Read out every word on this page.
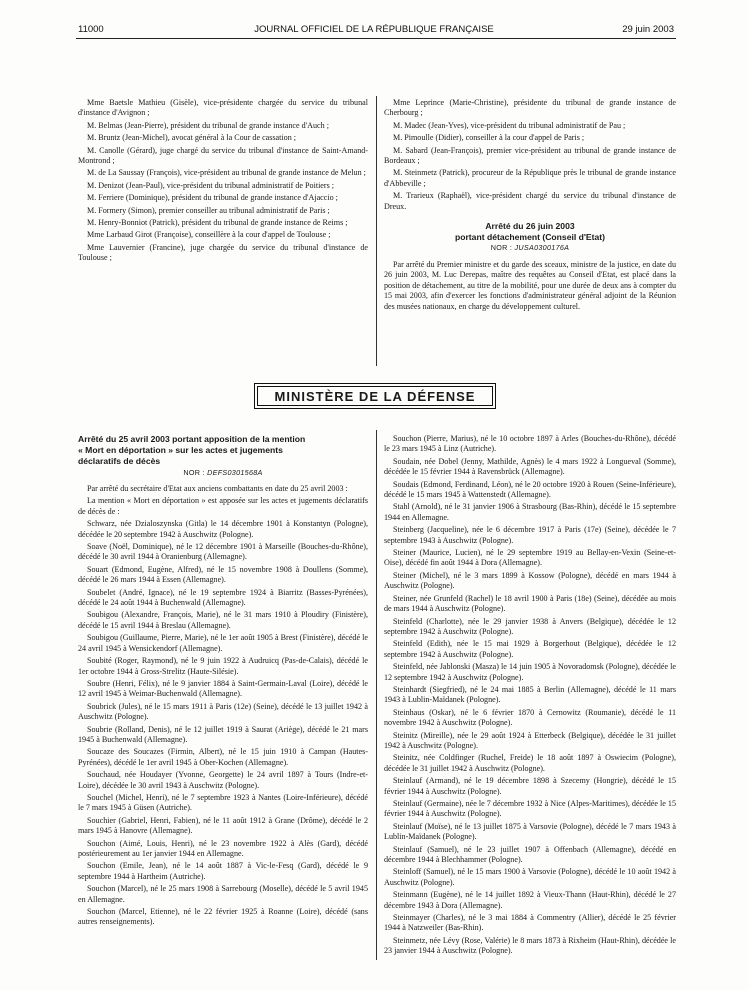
11000	JOURNAL OFFICIEL DE LA RÉPUBLIQUE FRANÇAISE	29 juin 2003

Mme Baetsle Mathieu (Gisèle), vice-présidente chargée du service du tribunal d'instance d'Avignon ;

M. Belmas (Jean-Pierre), président du tribunal de grande instance d'Auch ;

M. Bruntz (Jean-Michel), avocat général à la Cour de cassation ;

M. Canolle (Gérard), juge chargé du service du tribunal d'instance de Saint-Amand-Montrond ;

M. de La Saussay (François), vice-président au tribunal de grande instance de Melun ;

M. Denizot (Jean-Paul), vice-président du tribunal administratif de Poitiers ;

M. Ferriere (Dominique), président du tribunal de grande instance d'Ajaccio ;

M. Formery (Simon), premier conseiller au tribunal administratif de Paris ;

M. Henry-Bonniot (Patrick), président du tribunal de grande instance de Reims ;

Mme Larbaud Girot (Françoise), conseillère à la cour d'appel de Toulouse ;

Mme Lauvernier (Francine), juge chargée du service du tribunal d'instance de Toulouse ;

Mme Leprince (Marie-Christine), présidente du tribunal de grande instance de Cherbourg ;

M. Madec (Jean-Yves), vice-président du tribunal administratif de Pau ;

M. Pimoulle (Didier), conseiller à la cour d'appel de Paris ;

M. Sabard (Jean-François), premier vice-président au tribunal de grande instance de Bordeaux ;

M. Steinmetz (Patrick), procureur de la République près le tribunal de grande instance d'Abbeville ;

M. Trarieux (Raphaël), vice-président chargé du service du tribunal d'instance de Dreux.

Arrêté du 26 juin 2003
portant détachement (Conseil d'Etat)
NOR : JUSA0300176A

Par arrêté du Premier ministre et du garde des sceaux, ministre de la justice, en date du 26 juin 2003, M. Luc Derepas, maître des requêtes au Conseil d'Etat, est placé dans la position de détachement, au titre de la mobilité, pour une durée de deux ans à compter du 15 mai 2003, afin d'exercer les fonctions d'administrateur général adjoint de la Réunion des musées nationaux, en charge du développement culturel.

MINISTÈRE DE LA DÉFENSE
Arrêté du 25 avril 2003 portant apposition de la mention
« Mort en déportation » sur les actes et jugements
déclaratifs de décès
NOR : DEFS0301568A

Par arrêté du secrétaire d'Etat aux anciens combattants en date du 25 avril 2003 :

La mention « Mort en déportation » est apposée sur les actes et jugements déclaratifs de décès de :

Schwarz, née Dzialoszynska (Gitla) le 14 décembre 1901 à Konstantyn (Pologne), décédée le 20 septembre 1942 à Auschwitz (Pologne).

Soave (Noël, Dominique), né le 12 décembre 1901 à Marseille (Bouches-du-Rhône), décédé le 30 avril 1944 à Oranienburg (Allemagne).

Souart (Edmond, Eugène, Alfred), né le 15 novembre 1908 à Doullens (Somme), décédé le 26 mars 1944 à Essen (Allemagne).

Soubelet (André, Ignace), né le 19 septembre 1924 à Biarritz (Basses-Pyrénées), décédé le 24 août 1944 à Buchenwald (Allemagne).

Soubigou (Alexandre, François, Marie), né le 31 mars 1910 à Ploudiry (Finistère), décédé le 15 avril 1944 à Breslau (Allemagne).

Soubigou (Guillaume, Pierre, Marie), né le 1er août 1905 à Brest (Finistère), décédé le 24 avril 1945 à Wensickendorf (Allemagne).

Soubité (Roger, Raymond), né le 9 juin 1922 à Audruicq (Pas-de-Calais), décédé le 1er octobre 1944 à Gross-Strelitz (Haute-Silésie).

Soubre (Henri, Félix), né le 9 janvier 1884 à Saint-Germain-Laval (Loire), décédé le 12 avril 1945 à Weimar-Buchenwald (Allemagne).

Soubrick (Jules), né le 15 mars 1911 à Paris (12e) (Seine), décédé le 13 juillet 1942 à Auschwitz (Pologne).

Soubrie (Rolland, Denis), né le 12 juillet 1919 à Saurat (Ariège), décédé le 21 mars 1945 à Buchenwald (Allemagne).

Soucaze des Soucazes (Firmin, Albert), né le 15 juin 1910 à Campan (Hautes-Pyrénées), décédé le 1er avril 1945 à Ober-Kochen (Allemagne).

Souchaud, née Houdayer (Yvonne, Georgette) le 24 avril 1897 à Tours (Indre-et-Loire), décédée le 30 avril 1943 à Auschwitz (Pologne).

Souchel (Michel, Henri), né le 7 septembre 1923 à Nantes (Loire-Inférieure), décédé le 7 mars 1945 à Güsen (Autriche).

Souchier (Gabriel, Henri, Fabien), né le 11 août 1912 à Grane (Drôme), décédé le 2 mars 1945 à Hanovre (Allemagne).

Souchon (Aimé, Louis, Henri), né le 23 novembre 1922 à Alès (Gard), décédé postérieurement au 1er janvier 1944 en Allemagne.

Souchon (Emile, Jean), né le 14 août 1887 à Vic-le-Fesq (Gard), décédé le 9 septembre 1944 à Hartheim (Autriche).

Souchon (Marcel), né le 25 mars 1908 à Sarrebourg (Moselle), décédé le 5 avril 1945 en Allemagne.

Souchon (Marcel, Etienne), né le 22 février 1925 à Roanne (Loire), décédé (sans autres renseignements).

Souchon (Pierre, Marius), né le 10 octobre 1897 à Arles (Bouches-du-Rhône), décédé le 23 mars 1945 à Linz (Autriche).

Soudain, née Dobel (Jenny, Mathilde, Agnès) le 4 mars 1922 à Longueval (Somme), décédée le 15 février 1944 à Ravensbrück (Allemagne).

Soudais (Edmond, Ferdinand, Léon), né le 20 octobre 1920 à Rouen (Seine-Inférieure), décédé le 15 mars 1945 à Wattenstedt (Allemagne).

Stahl (Arnold), né le 31 janvier 1906 à Strasbourg (Bas-Rhin), décédé le 15 septembre 1944 en Allemagne.

Steinberg (Jacqueline), née le 6 décembre 1917 à Paris (17e) (Seine), décédée le 7 septembre 1943 à Auschwitz (Pologne).

Steiner (Maurice, Lucien), né le 29 septembre 1919 au Bellay-en-Vexin (Seine-et-Oise), décédé fin août 1944 à Dora (Allemagne).

Steiner (Michel), né le 3 mars 1899 à Kossow (Pologne), décédé en mars 1944 à Auschwitz (Pologne).

Steiner, née Grunfeld (Rachel) le 18 avril 1900 à Paris (18e) (Seine), décédée au mois de mars 1944 à Auschwitz (Pologne).

Steinfeld (Charlotte), née le 29 janvier 1938 à Anvers (Belgique), décédée le 12 septembre 1942 à Auschwitz (Pologne).

Steinfeld (Edith), née le 15 mai 1929 à Borgerhout (Belgique), décédée le 12 septembre 1942 à Auschwitz (Pologne).

Steinfeld, née Jablonski (Masza) le 14 juin 1905 à Novoradomsk (Pologne), décédée le 12 septembre 1942 à Auschwitz (Pologne).

Steinhardt (Siegfried), né le 24 mai 1885 à Berlin (Allemagne), décédé le 11 mars 1943 à Lublin-Maïdanek (Pologne).

Steinhaus (Oskar), né le 6 février 1870 à Cernowitz (Roumanie), décédé le 11 novembre 1942 à Auschwitz (Pologne).

Steinitz (Mireille), née le 29 août 1924 à Etterbeck (Belgique), décédée le 31 juillet 1942 à Auschwitz (Pologne).

Steinitz, née Coldfinger (Ruchel, Freide) le 18 août 1897 à Oswiecim (Pologne), décédée le 31 juillet 1942 à Auschwitz (Pologne).

Steinlauf (Armand), né le 19 décembre 1898 à Szecemy (Hongrie), décédé le 15 février 1944 à Auschwitz (Pologne).

Steinlauf (Germaine), née le 7 décembre 1932 à Nice (Alpes-Maritimes), décédée le 15 février 1944 à Auschwitz (Pologne).

Steinlauf (Moïse), né le 13 juillet 1875 à Varsovie (Pologne), décédé le 7 mars 1943 à Lublin-Maïdanek (Pologne).

Steinlauf (Samuel), né le 23 juillet 1907 à Offenbach (Allemagne), décédé en décembre 1944 à Blechhammer (Pologne).

Steinloff (Samuel), né le 15 mars 1900 à Varsovie (Pologne), décédé le 10 août 1942 à Auschwitz (Pologne).

Steinmann (Eugène), né le 14 juillet 1892 à Vieux-Thann (Haut-Rhin), décédé le 27 décembre 1943 à Dora (Allemagne).

Steinmayer (Charles), né le 3 mai 1884 à Commentry (Allier), décédé le 25 février 1944 à Natzweiler (Bas-Rhin).

Steinmetz, née Lévy (Rose, Valérie) le 8 mars 1873 à Rixheim (Haut-Rhin), décédée le 23 janvier 1944 à Auschwitz (Pologne).
